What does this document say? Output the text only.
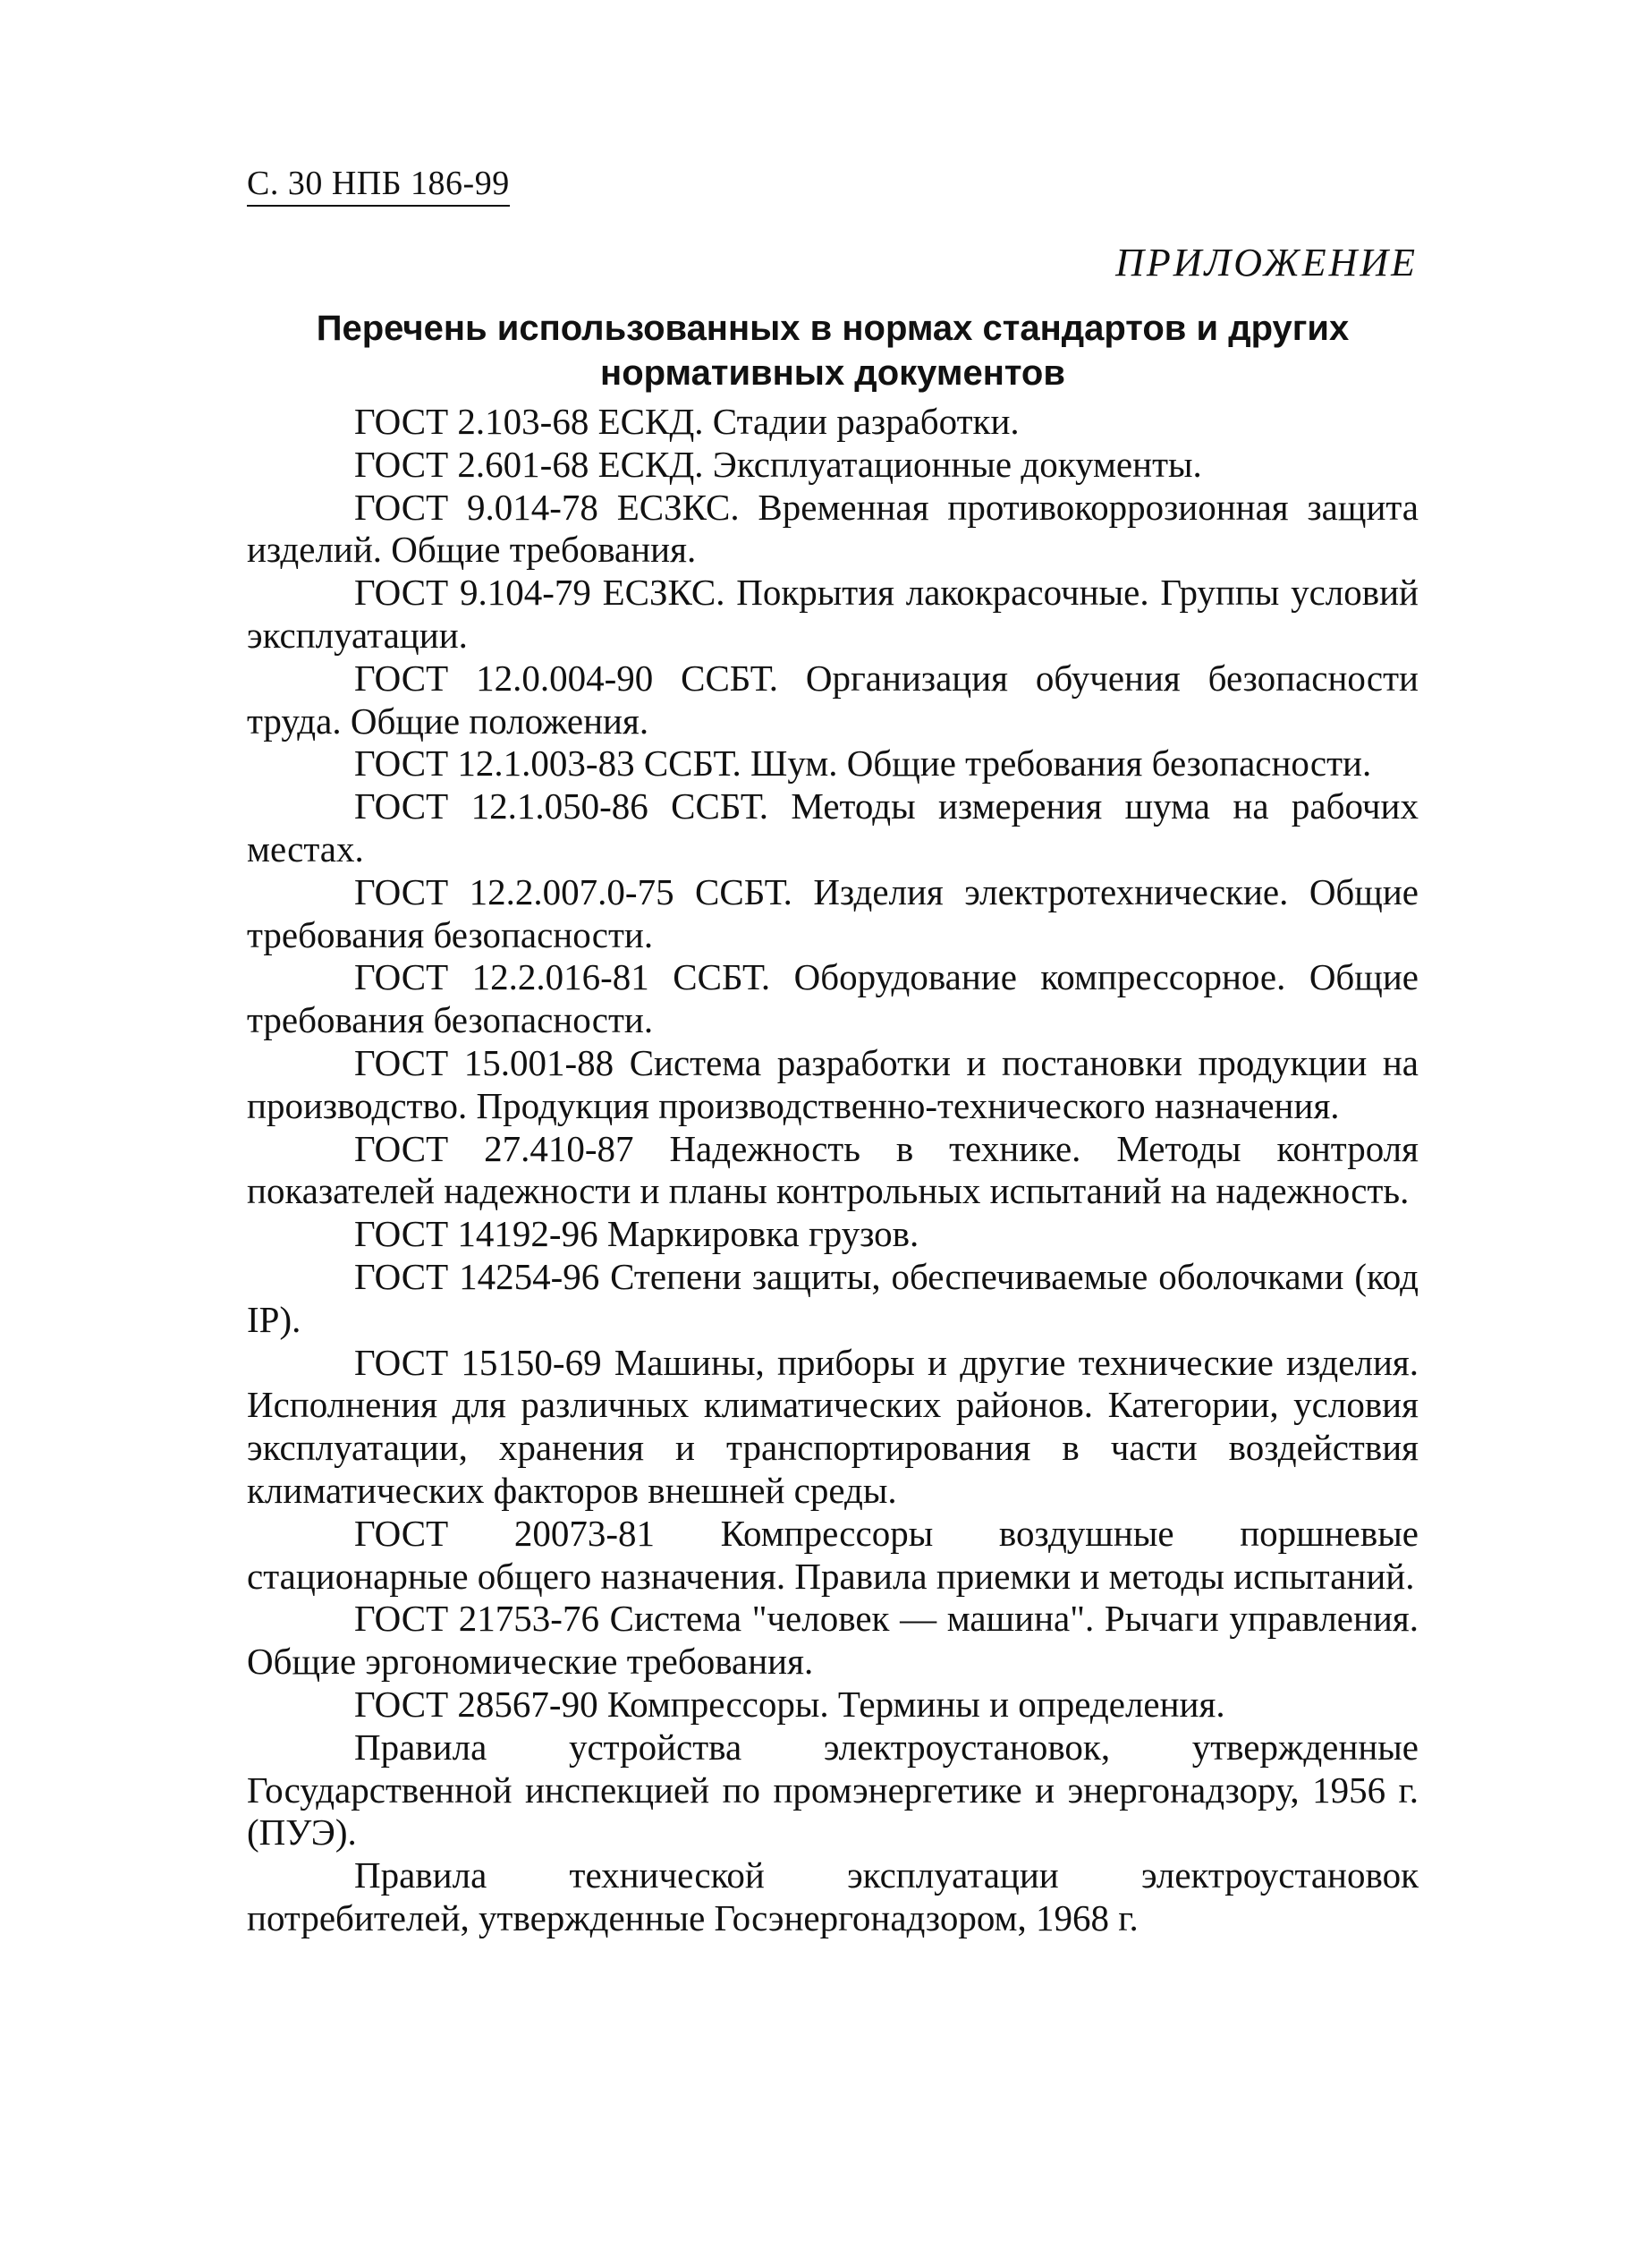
С. 30 НПБ 186-99
ПРИЛОЖЕНИЕ
Перечень использованных в нормах стандартов и других
нормативных документов
ГОСТ 2.103-68 ЕСКД. Стадии разработки.
ГОСТ 2.601-68 ЕСКД. Эксплуатационные документы.
ГОСТ 9.014-78 ЕСЗКС. Временная противокоррозионная защита изделий. Общие требования.
ГОСТ 9.104-79 ЕСЗКС. Покрытия лакокрасочные. Группы условий эксплуатации.
ГОСТ 12.0.004-90 ССБТ. Организация обучения безопасности труда. Общие положения.
ГОСТ 12.1.003-83 ССБТ. Шум. Общие требования безопасности.
ГОСТ 12.1.050-86 ССБТ. Методы измерения шума на рабочих местах.
ГОСТ 12.2.007.0-75 ССБТ. Изделия электротехнические. Общие требования безопасности.
ГОСТ 12.2.016-81 ССБТ. Оборудование компрессорное. Общие требования безопасности.
ГОСТ 15.001-88 Система разработки и постановки продукции на производство. Продукция производственно-технического назначения.
ГОСТ 27.410-87 Надежность в технике. Методы контроля показателей надежности и планы контрольных испытаний на надежность.
ГОСТ 14192-96 Маркировка грузов.
ГОСТ 14254-96 Степени защиты, обеспечиваемые оболочками (код IP).
ГОСТ 15150-69 Машины, приборы и другие технические изделия. Исполнения для различных климатических районов. Категории, условия эксплуатации, хранения и транспортирования в части воздействия климатических факторов внешней среды.
ГОСТ 20073-81 Компрессоры воздушные поршневые стационарные общего назначения. Правила приемки и методы испытаний.
ГОСТ 21753-76 Система "человек — машина". Рычаги управления. Общие эргономические требования.
ГОСТ 28567-90 Компрессоры. Термины и определения.
Правила устройства электроустановок, утвержденные Государственной инспекцией по промэнергетике и энергонадзору, 1956 г. (ПУЭ).
Правила технической эксплуатации электроустановок потребителей, утвержденные Госэнергонадзором, 1968 г.
